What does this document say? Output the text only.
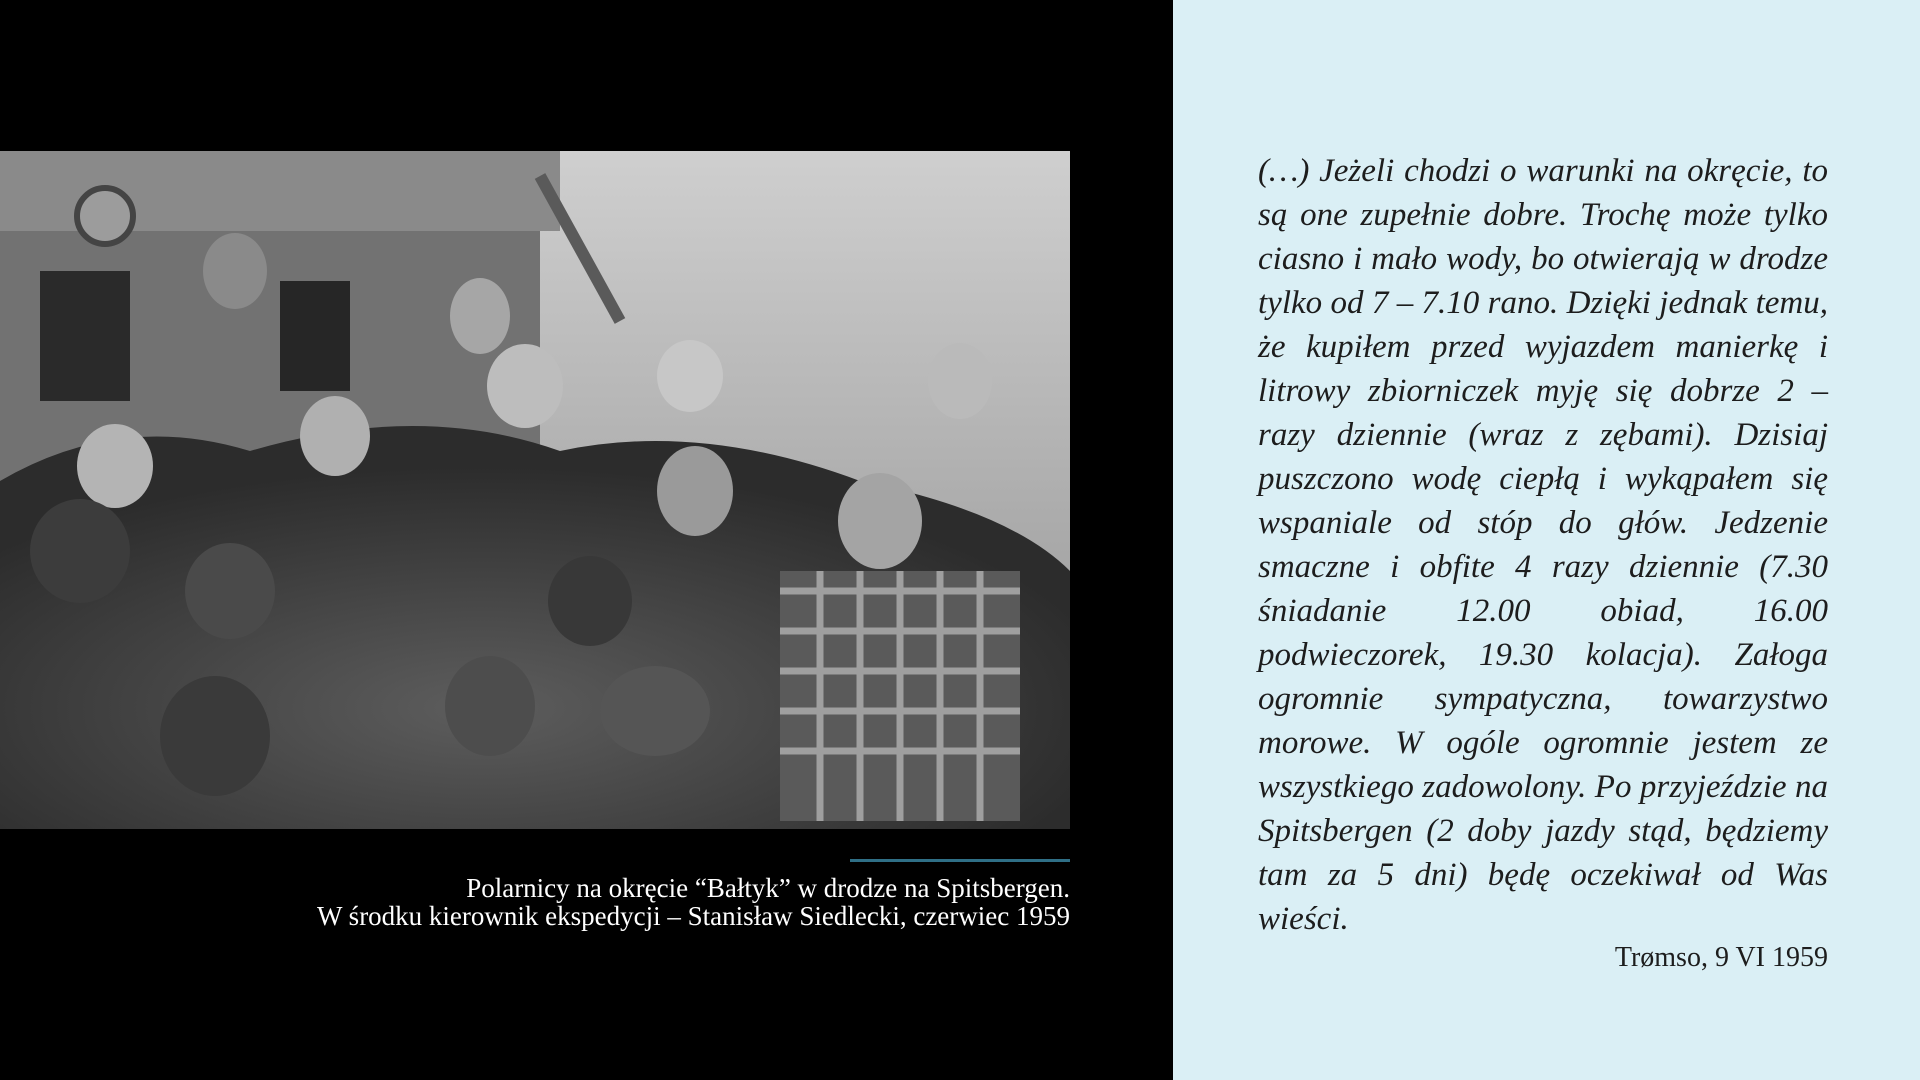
Polarnicy na okręcie “Bałtyk” w drodze na Spitsbergen.
W środku kierownik ekspedycji – Stanisław Siedlecki, czerwiec 1959
(…) Jeżeli chodzi o warunki na okręcie, to są one zupełnie dobre. Trochę może tylko ciasno i mało wody, bo otwierają w drodze tylko od 7 – 7.10 rano. Dzięki jednak temu, że kupiłem przed wyjazdem manierkę i litrowy zbiorniczek myję się dobrze 2 – razy dziennie (wraz z zębami). Dzisiaj puszczono wodę ciepłą i wykąpałem się wspaniale od stóp do głów. Jedzenie smaczne i obfite 4 razy dziennie (7.30 śniadanie 12.00 obiad, 16.00 podwieczorek, 19.30 kolacja). Załoga ogromnie sympatyczna, towarzystwo morowe. W ogóle ogromnie jestem ze wszystkiego zadowolony. Po przyjeździe na Spitsbergen (2 doby jazdy stąd, będziemy tam za 5 dni) będę oczekiwał od Was wieści.
Trømso, 9 VI 1959
